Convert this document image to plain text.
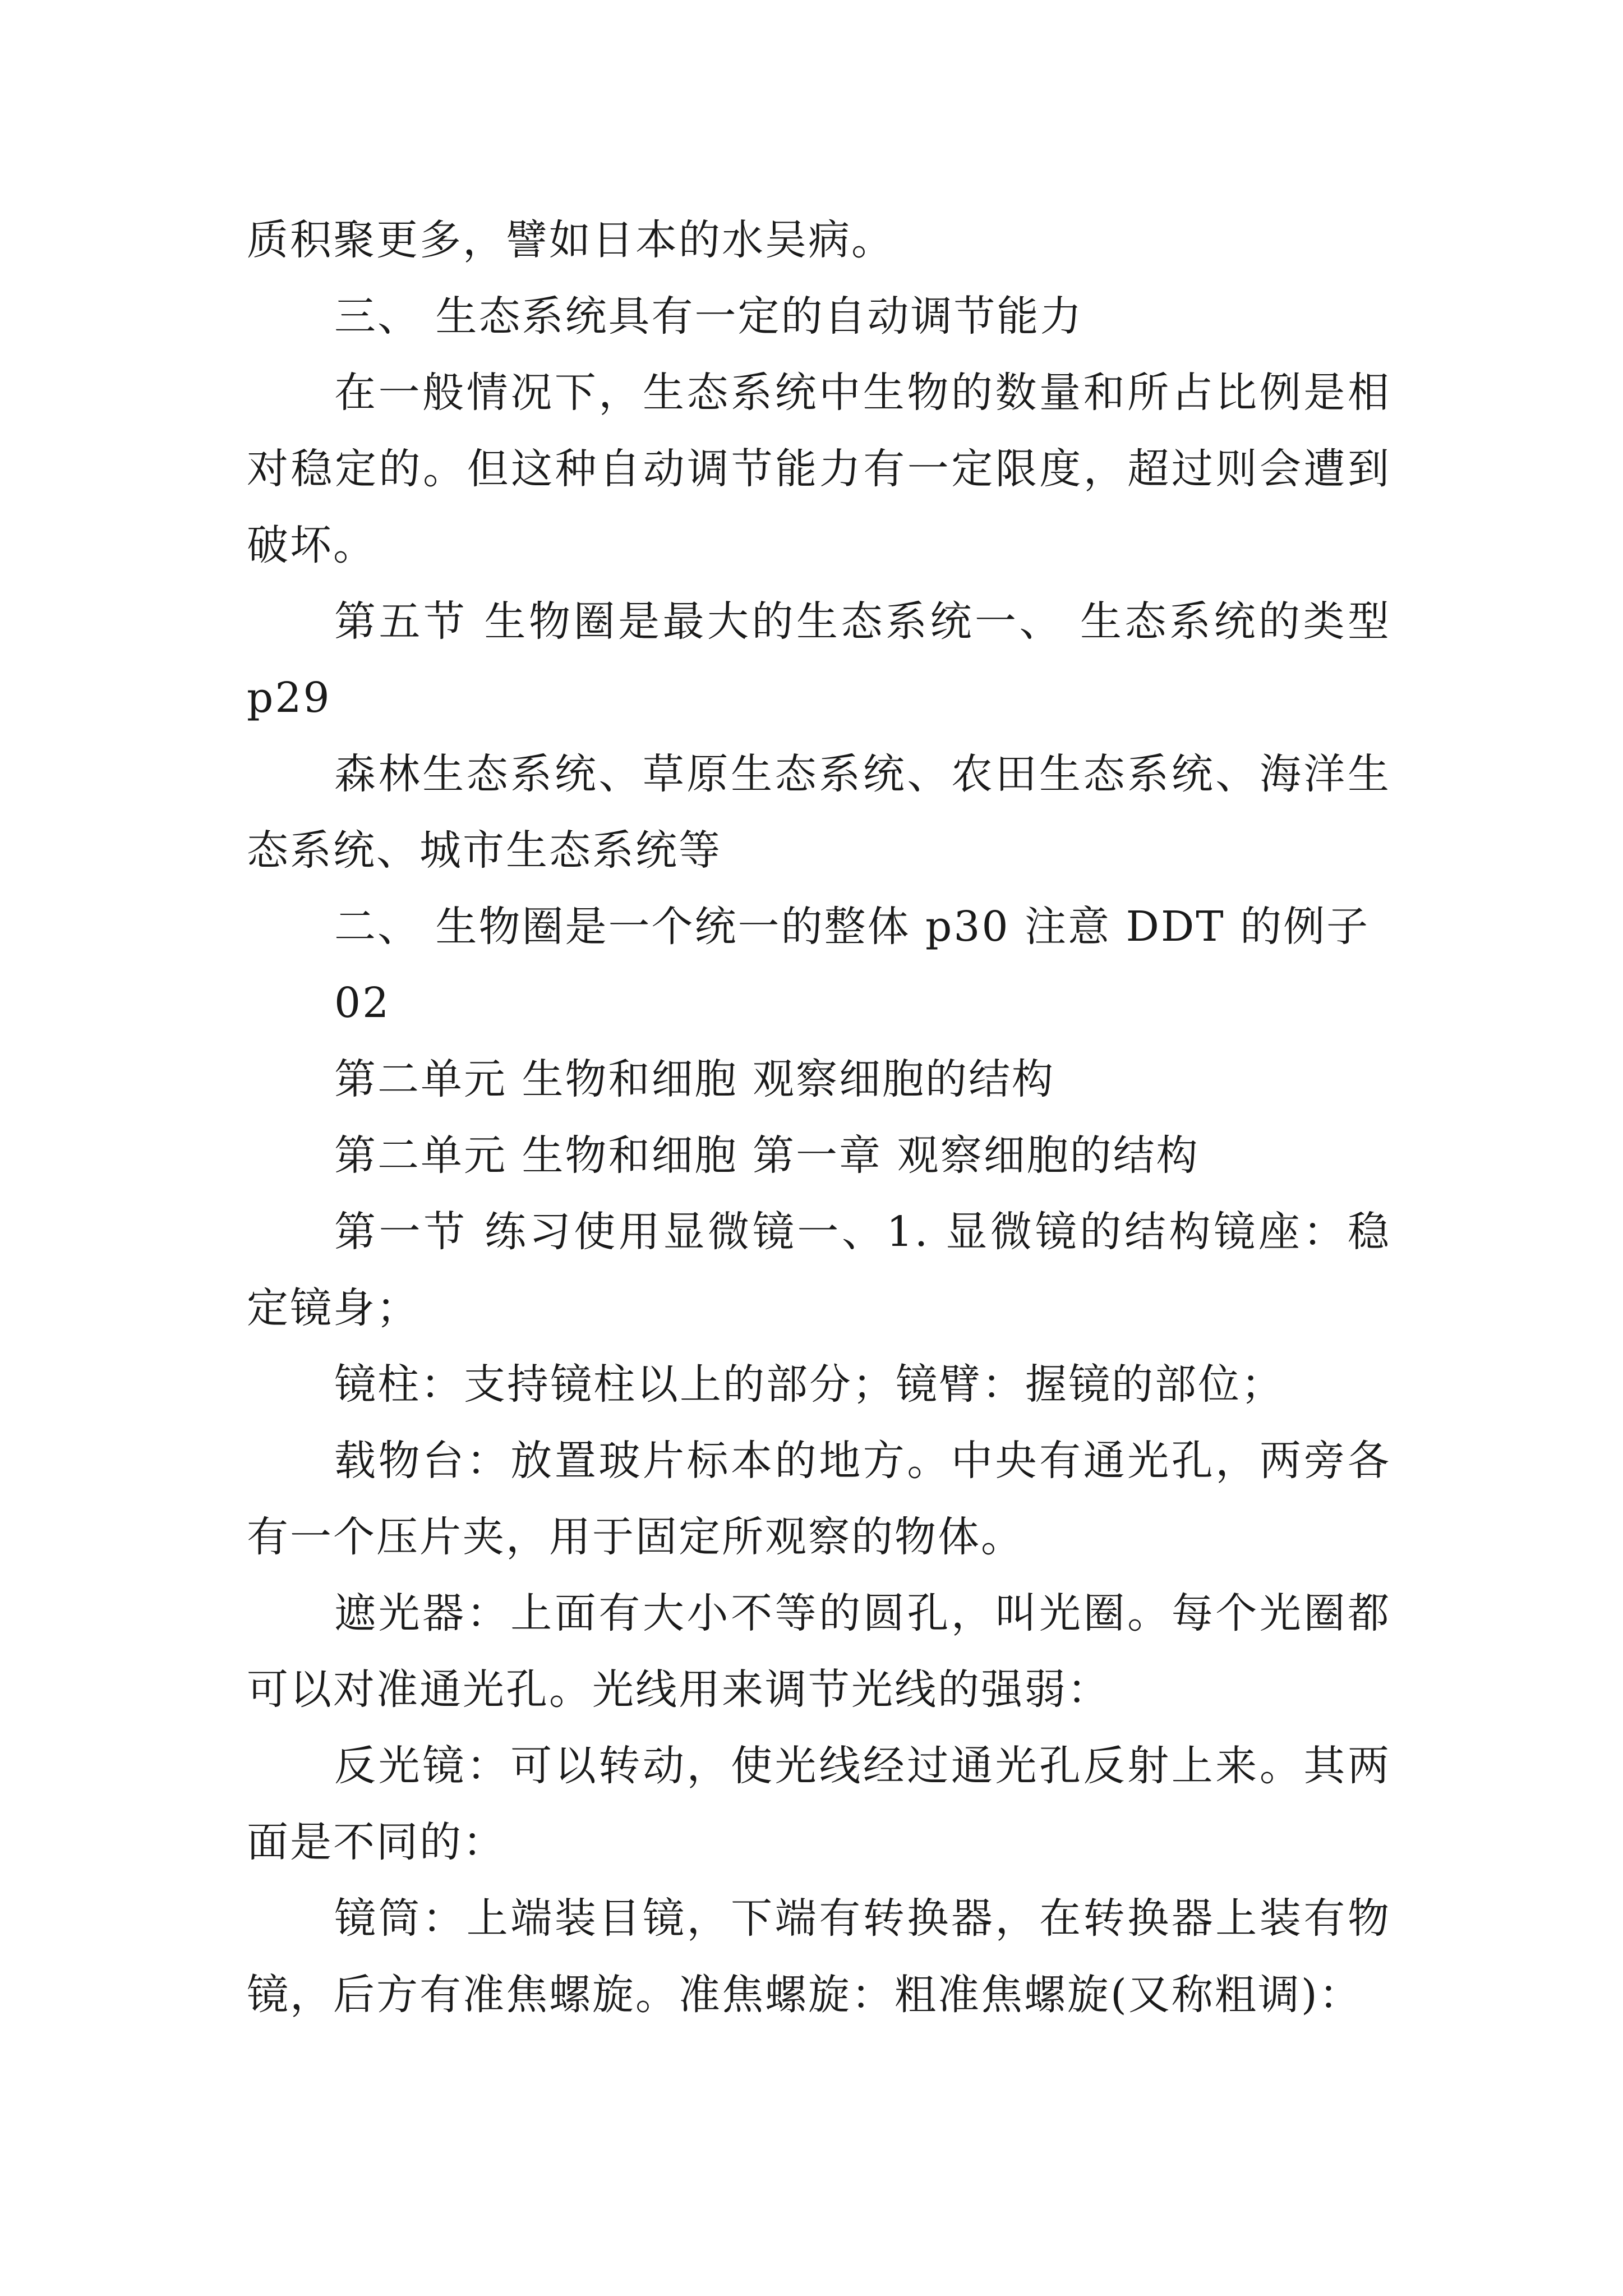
质积聚更多，譬如日本的水吴病。

三、 生态系统具有一定的自动调节能力

在一般情况下，生态系统中生物的数量和所占比例是相对稳定的。但这种自动调节能力有一定限度，超过则会遭到破坏。

第五节 生物圈是最大的生态系统一、 生态系统的类型 p29

森林生态系统、草原生态系统、农田生态系统、海洋生态系统、城市生态系统等

二、 生物圈是一个统一的整体 p30 注意 DDT 的例子

02

第二单元 生物和细胞 观察细胞的结构

第二单元 生物和细胞 第一章 观察细胞的结构

第一节 练习使用显微镜一、1. 显微镜的结构镜座：稳定镜身；

镜柱：支持镜柱以上的部分；镜臂：握镜的部位；

载物台：放置玻片标本的地方。中央有通光孔，两旁各有一个压片夹，用于固定所观察的物体。

遮光器：上面有大小不等的圆孔，叫光圈。每个光圈都可以对准通光孔。光线用来调节光线的强弱：

反光镜：可以转动，使光线经过通光孔反射上来。其两面是不同的：

镜筒：上端装目镜，下端有转换器，在转换器上装有物镜，后方有准焦螺旋。准焦螺旋：粗准焦螺旋(又称粗调)：
